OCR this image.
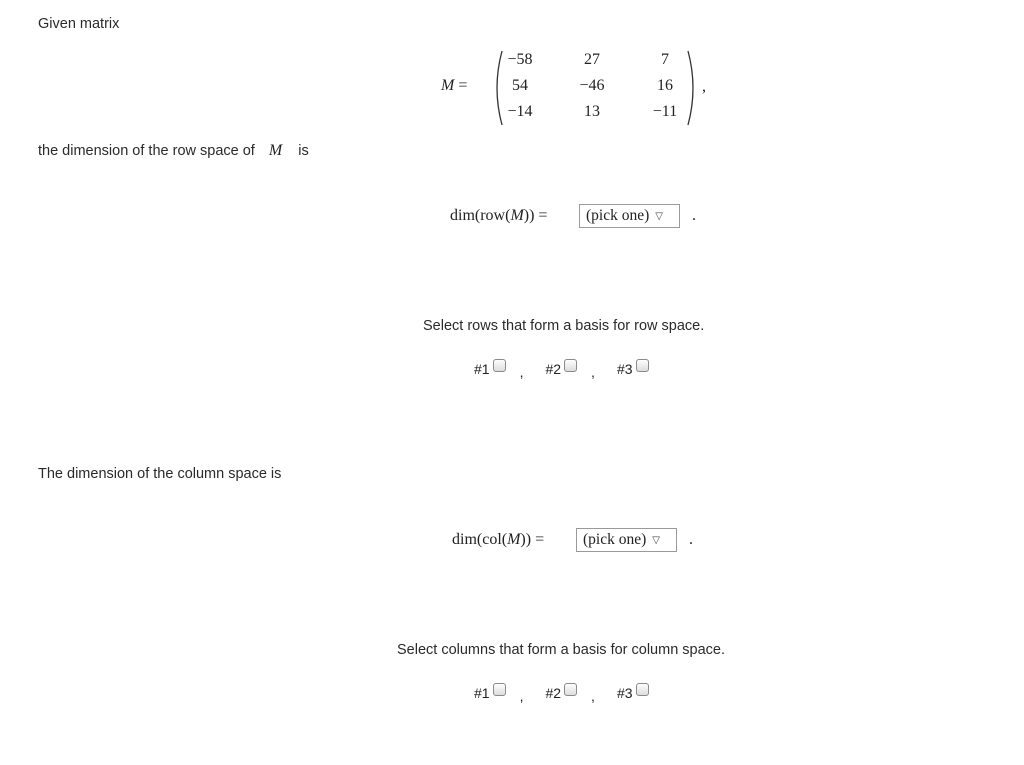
Given matrix
M =
−58	27	7
54	−46	16
−14	13	−11
,
the dimension of the row space of M is
dim(row(M)) = (pick one) ▽ .
Select rows that form a basis for row space.
#1 , #2 , #3
The dimension of the column space is
dim(col(M)) =	(pick one) ▽ .
Select columns that form a basis for column space.
#1 , #2 , #3
